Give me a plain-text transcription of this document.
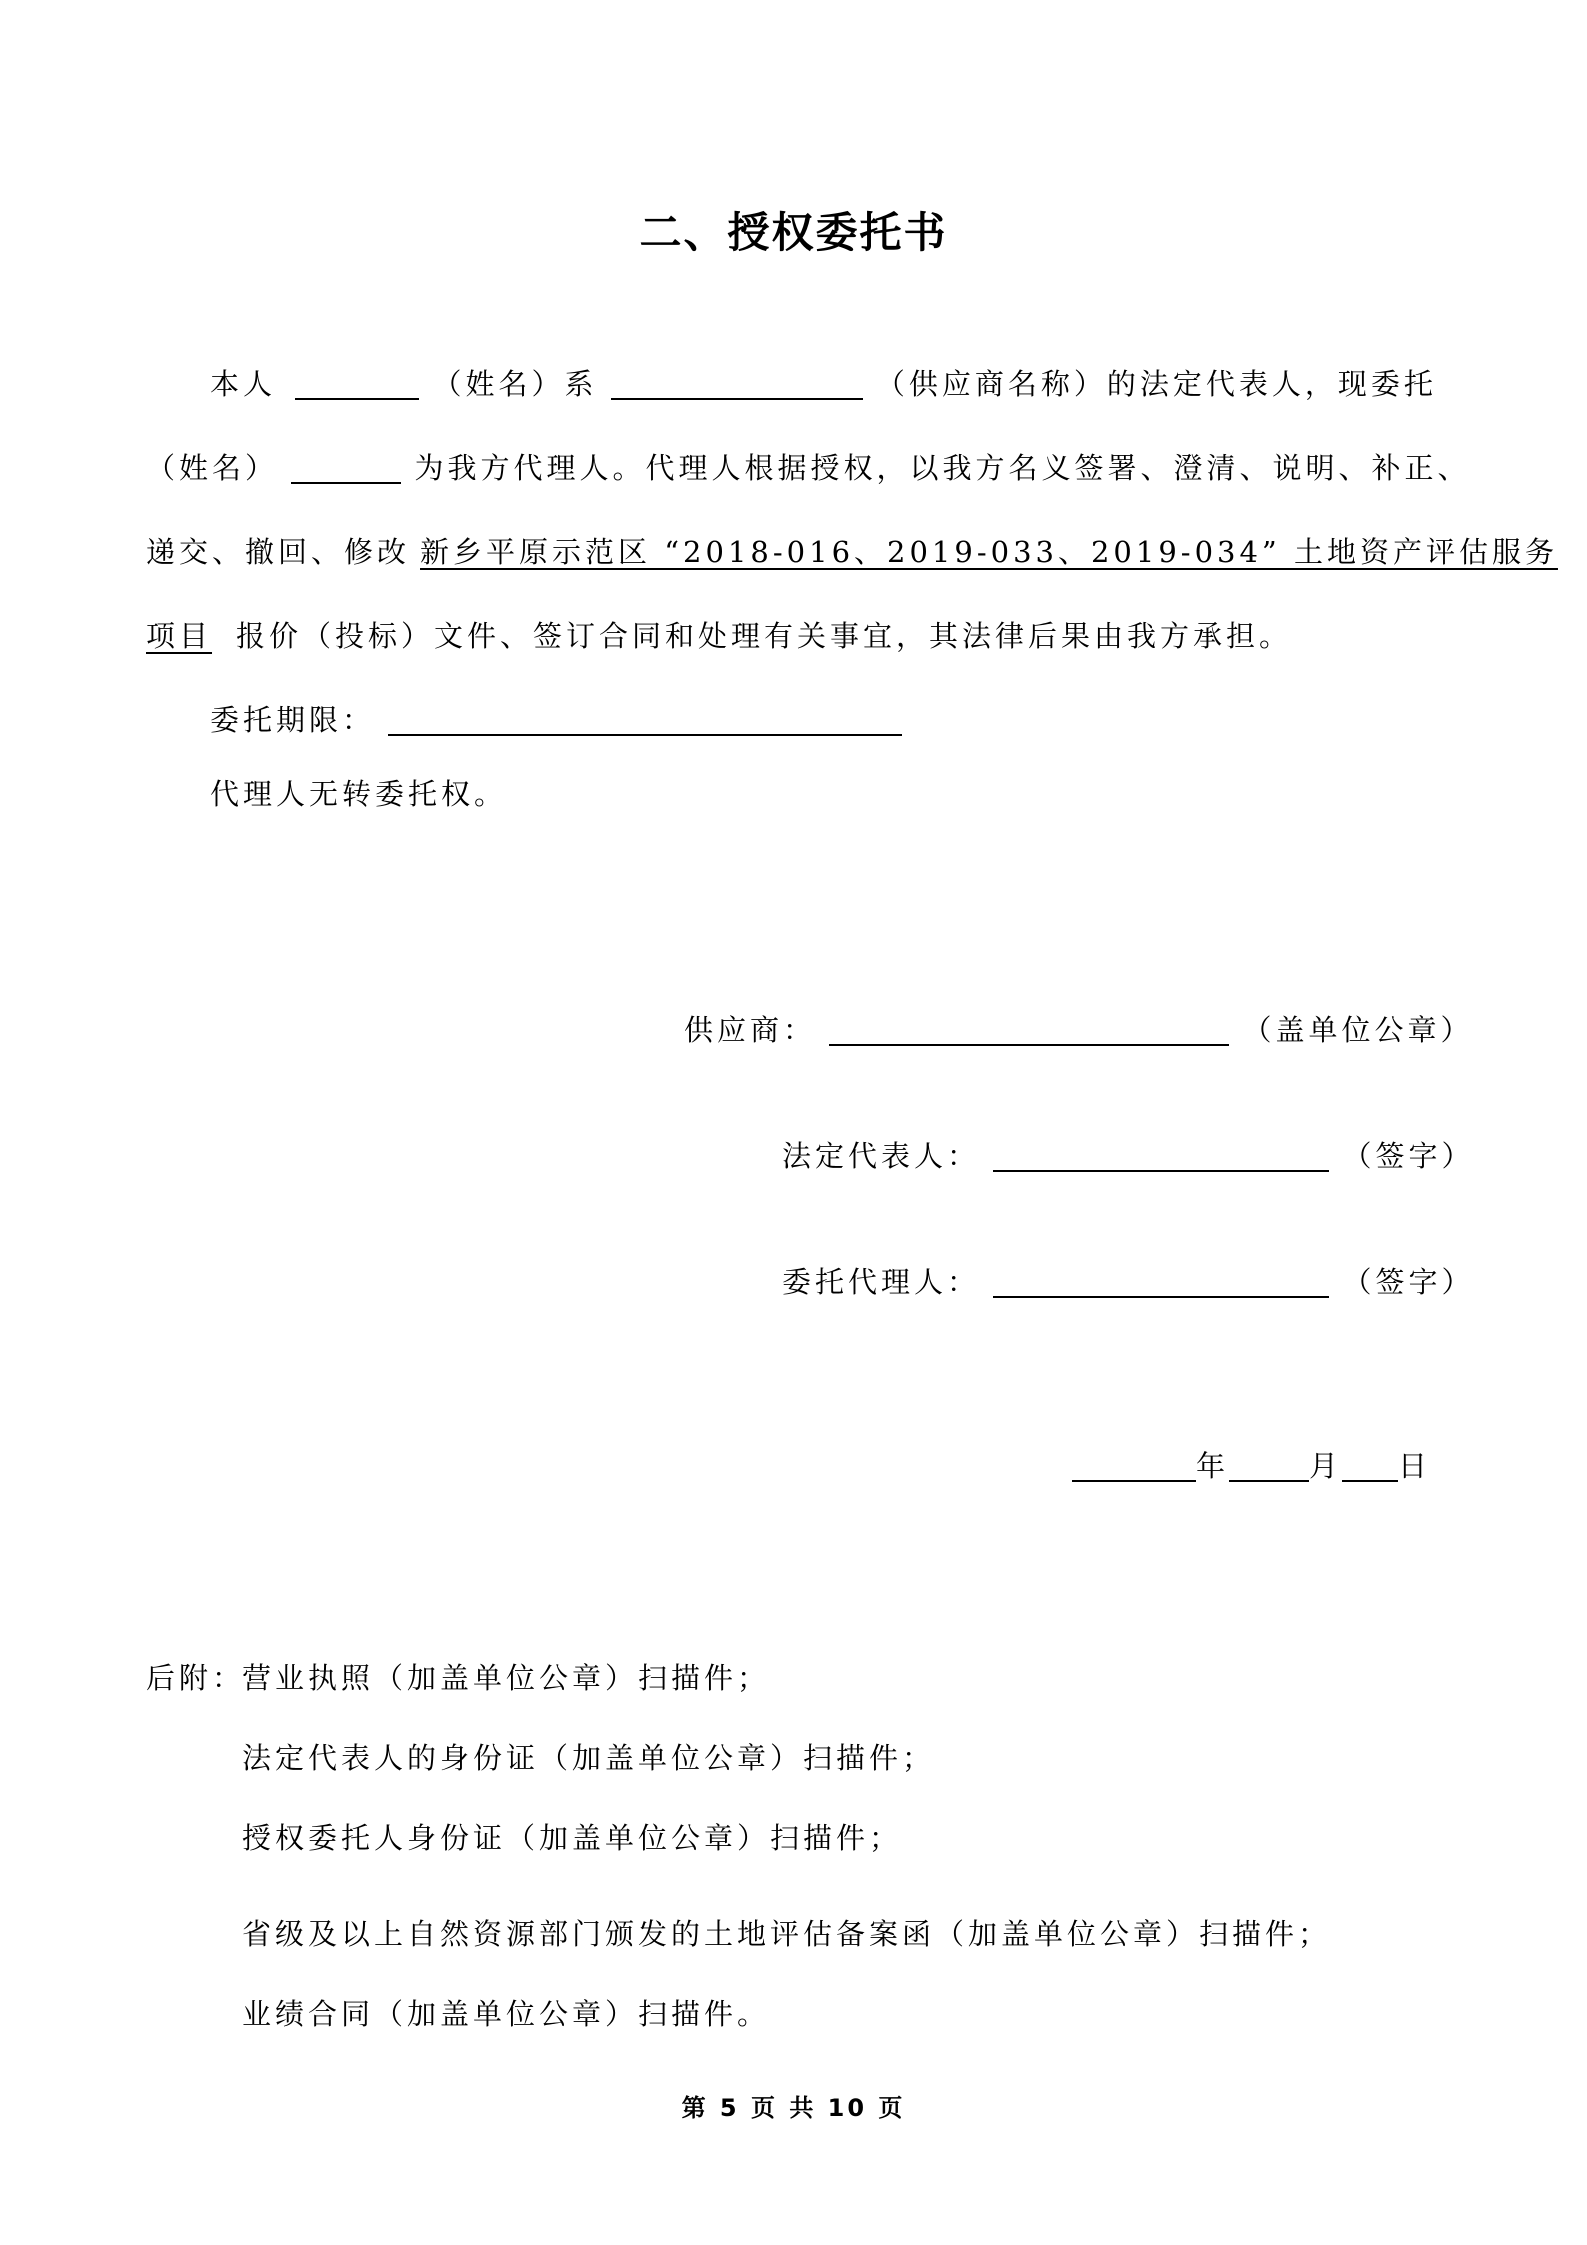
二、授权委托书
本人	（姓名）系	（供应商名称）的法定代表人，现委托
（姓名）	为我方代理人。代理人根据授权，以我方名义签署、澄清、说明、补正、
递交、撤回、修改 新乡平原示范区 “2018-016、2019-033、2019-034” 土地资产评估服务
项目 报价（投标）文件、签订合同和处理有关事宜，其法律后果由我方承担。
委托期限：
代理人无转委托权。
供应商：	（盖单位公章）
法定代表人：	（签字）
委托代理人：	（签字）
年	月 日
后附：
营业执照（加盖单位公章）扫描件；
法定代表人的身份证（加盖单位公章）扫描件；
授权委托人身份证（加盖单位公章）扫描件；
省级及以上自然资源部门颁发的土地评估备案函（加盖单位公章）扫描件；
业绩合同（加盖单位公章）扫描件。
第 5 页 共 10 页
